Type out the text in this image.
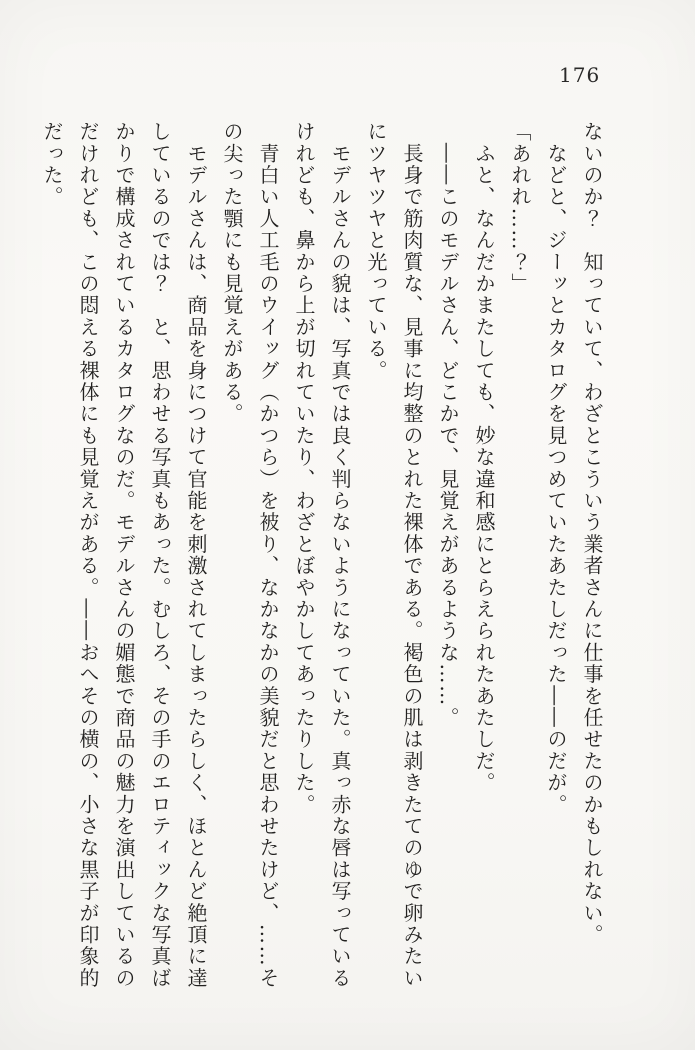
176

ないのか？　知っていて、わざとこういう業者さんに仕事を任せたのかもしれない。

　などと、ジーッとカタログを見つめていたあたしだった――のだが。

「あれれ……？」

　ふと、なんだかまたしても、妙な違和感にとらえられたあたしだ。

　――このモデルさん、どこかで、見覚えがあるような……。

　長身で筋肉質な、見事に均整のとれた裸体である。褐色の肌は剥きたてのゆで卵みたい

にツヤツヤと光っている。

　モデルさんの貌は、写真では良く判らないようになっていた。真っ赤な唇は写っている

けれども、鼻から上が切れていたり、わざとぼやかしてあったりした。

　青白い人工毛のウイッグ（かつら）を被り、なかなかの美貌だと思わせたけど、……そ

の尖った顎にも見覚えがある。

　モデルさんは、商品を身につけて官能を刺激されてしまったらしく、ほとんど絶頂に達

しているのでは？　と、思わせる写真もあった。むしろ、その手のエロティックな写真ば

かりで構成されているカタログなのだ。モデルさんの媚態で商品の魅力を演出しているの

だけれども、この悶える裸体にも見覚えがある。――おへその横の、小さな黒子が印象的

だった。
